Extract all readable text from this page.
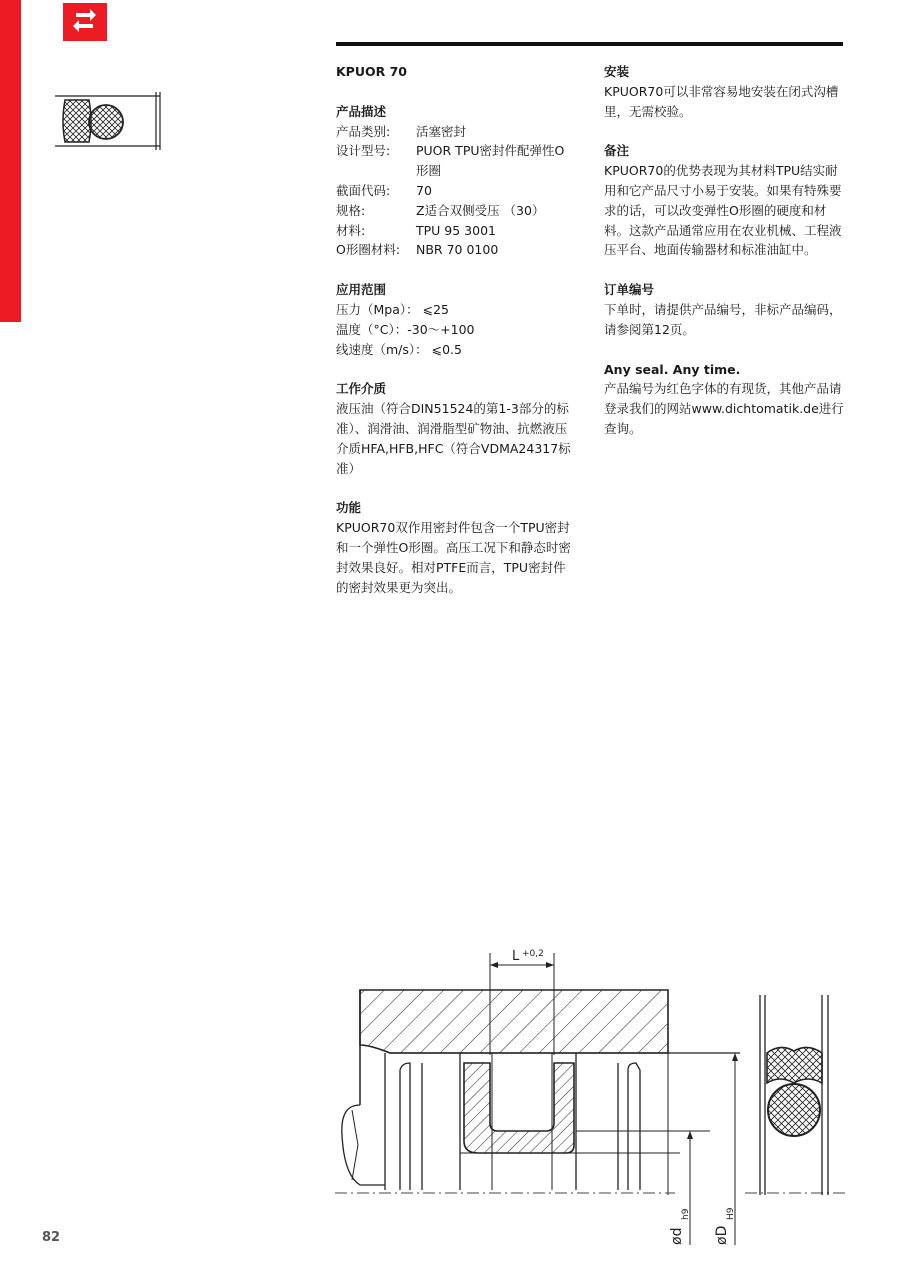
KPUOR 70

产品描述

产品类别:	活塞密封
设计型号:	PUOR TPU密封件配弹性O形圈
截面代码:	70
规格:	Z适合双侧受压 （30）
材料:	TPU 95 3001
O形圈材料:	NBR 70 0100

应用范围

压力（Mpa）： ⩽25

温度（°C）：-30～+100

线速度（m/s）： ⩽0.5

工作介质

液压油（符合DIN51524的第1-3部分的标准）、润滑油、润滑脂型矿物油、抗燃液压介质HFA,HFB,HFC（符合VDMA24317标准）

功能

KPUOR70双作用密封件包含一个TPU密封和一个弹性O形圈。高压工况下和静态时密封效果良好。相对PTFE而言，TPU密封件的密封效果更为突出。

安装

KPUOR70可以非常容易地安装在闭式沟槽里，无需校验。

备注

KPUOR70的优势表现为其材料TPU结实耐用和它产品尺寸小易于安装。如果有特殊要求的话，可以改变弹性O形圈的硬度和材料。这款产品通常应用在农业机械、工程液压平台、地面传输器材和标准油缸中。

订单编号

下单时，请提供产品编号，非标产品编码，请参阅第12页。

Any seal. Any time.

产品编号为红色字体的有现货，其他产品请登录我们的网站www.dichtomatik.de进行查询。

L +0,2
ød
h9
øD
H9
82
